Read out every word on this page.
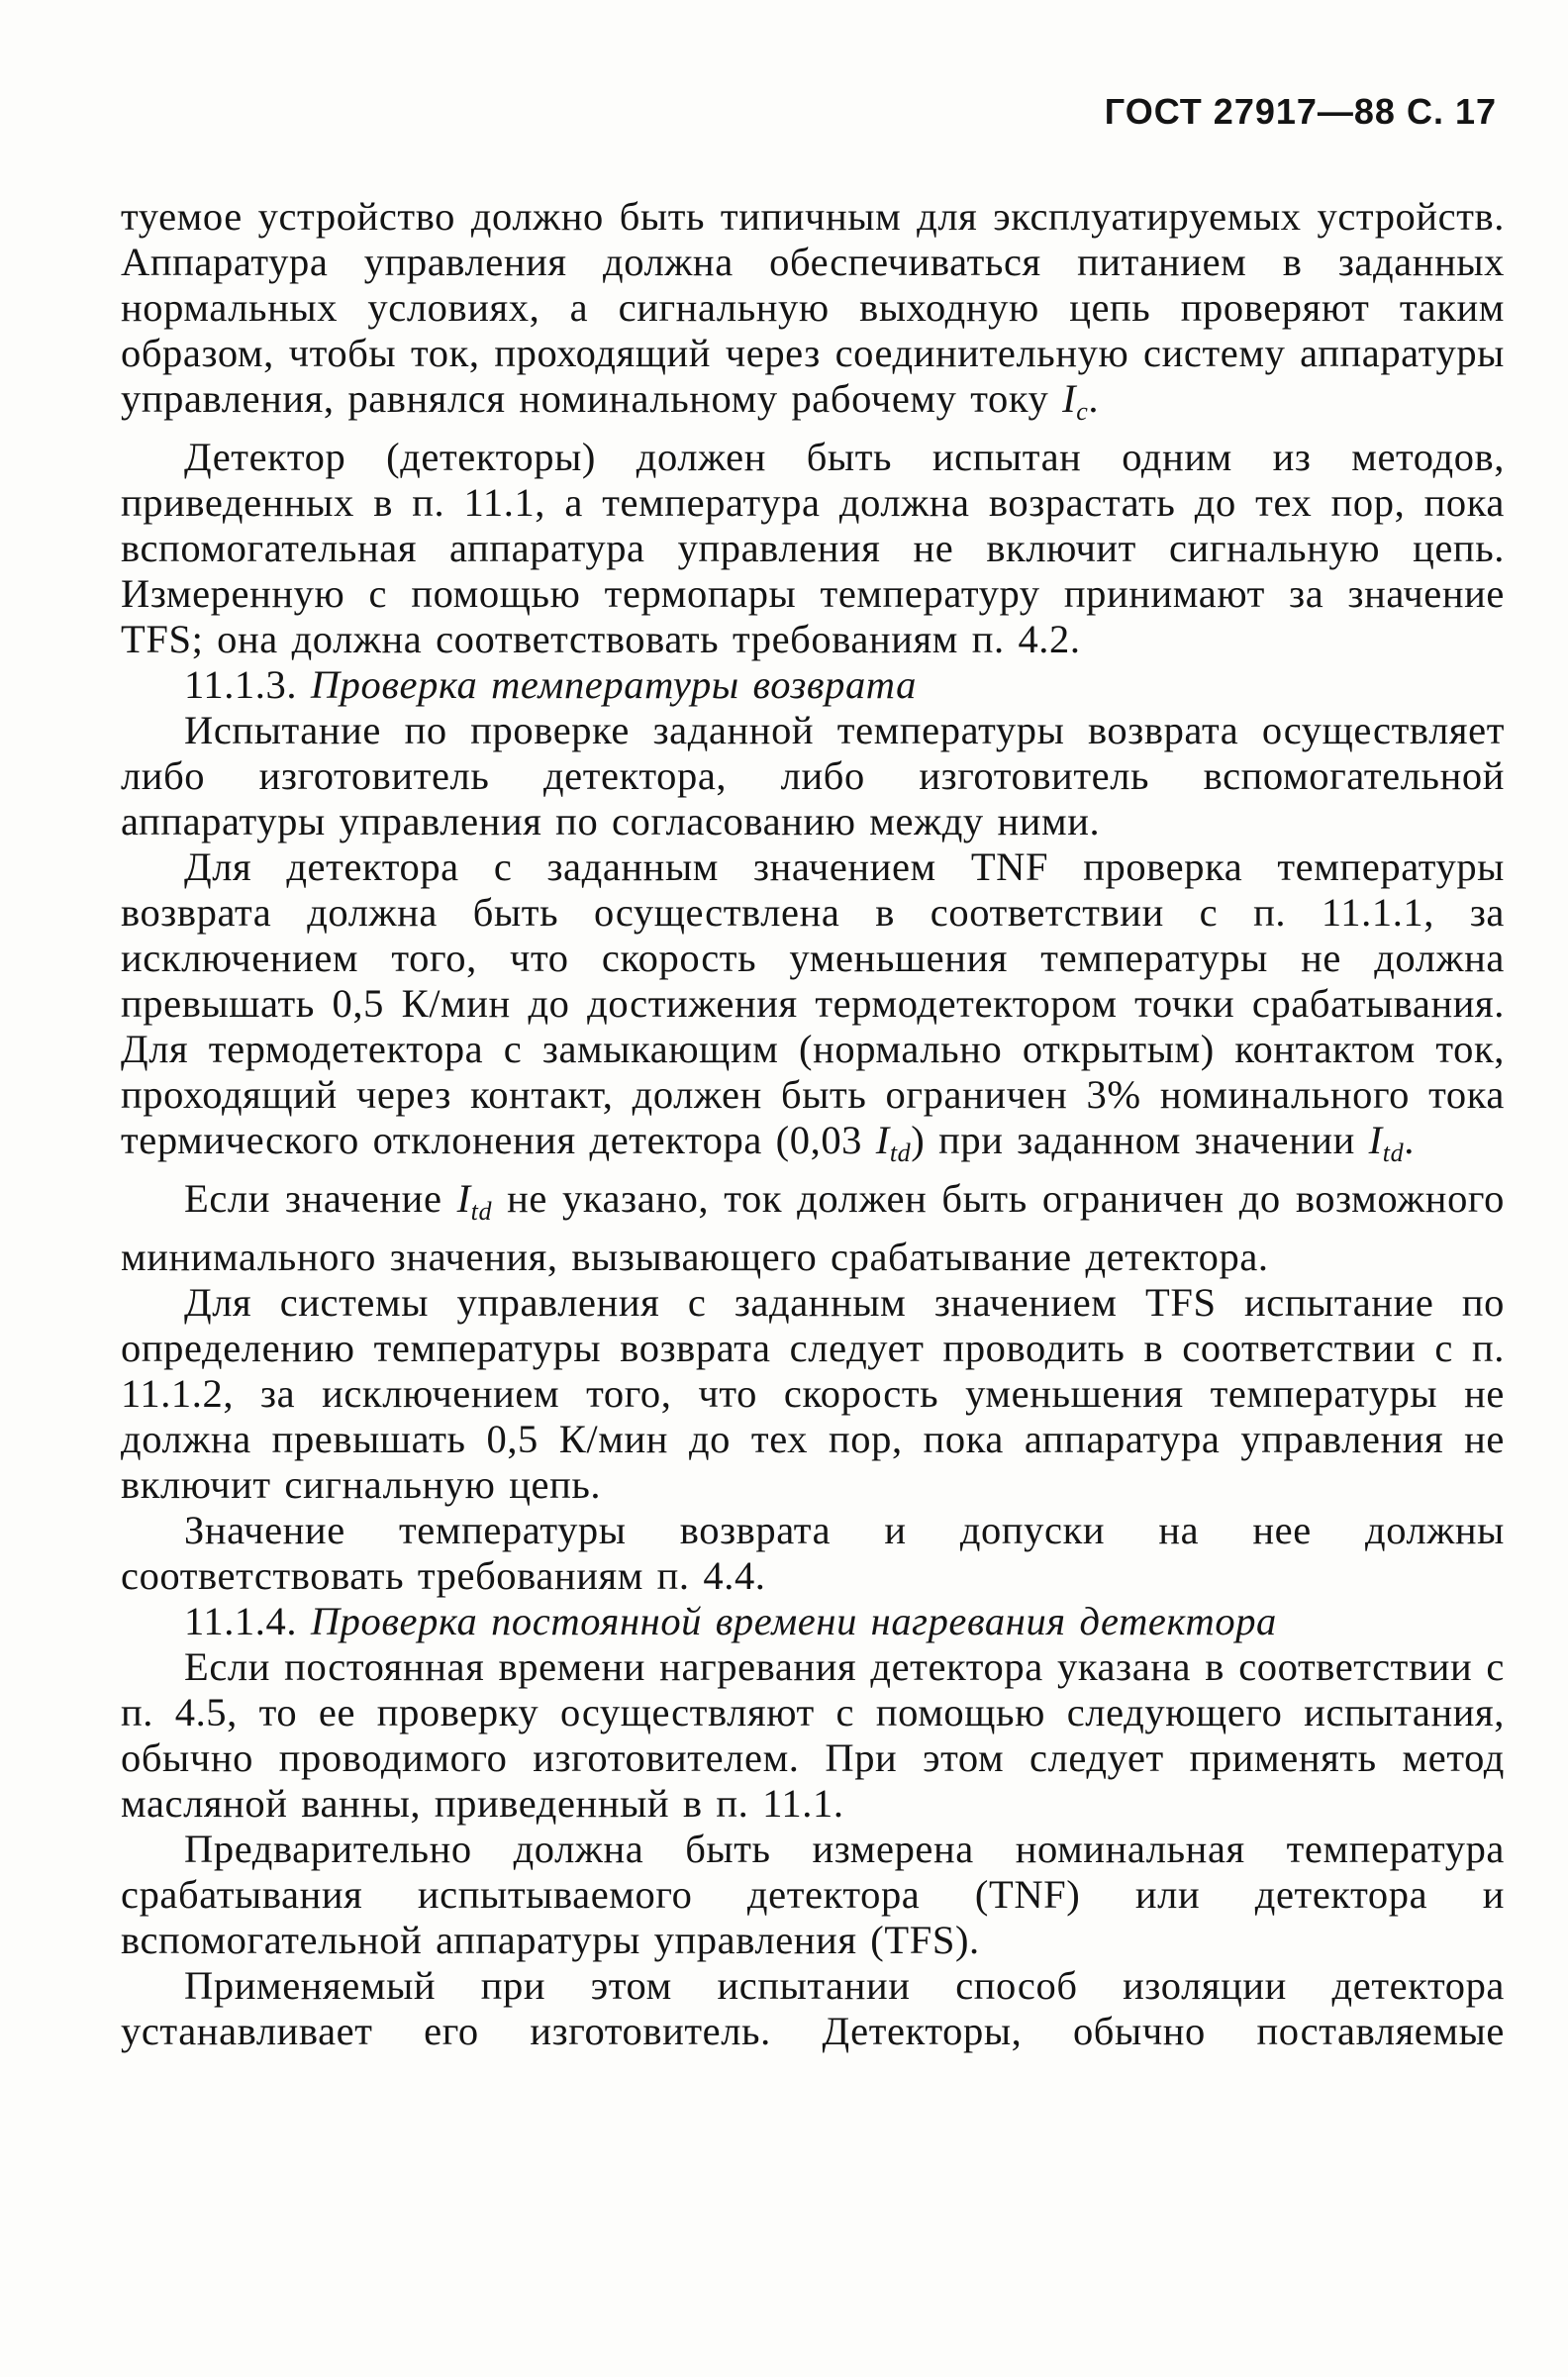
ГОСТ 27917—88 С. 17

туемое устройство должно быть типичным для эксплуатируемых устройств. Аппаратура управления должна обеспечиваться питанием в заданных нормальных условиях, а сигнальную выходную цепь проверяют таким образом, чтобы ток, проходящий через соединительную систему аппаратуры управления, равнялся номинальному рабочему току $I_c$.

Детектор (детекторы) должен быть испытан одним из методов, приведенных в п. 11.1, а температура должна возрастать до тех пор, пока вспомогательная аппаратура управления не включит сигнальную цепь. Измеренную с помощью термопары температуру принимают за значение TFS; она должна соответствовать требованиям п. 4.2.

11.1.3. Проверка температуры возврата

Испытание по проверке заданной температуры возврата осуществляет либо изготовитель детектора, либо изготовитель вспомогательной аппаратуры управления по согласованию между ними.

Для детектора с заданным значением TNF проверка температуры возврата должна быть осуществлена в соответствии с п. 11.1.1, за исключением того, что скорость уменьшения температуры не должна превышать 0,5 К/мин до достижения термодетектором точки срабатывания. Для термодетектора с замыкающим (нормально открытым) контактом ток, проходящий через контакт, должен быть ограничен 3% номинального тока термического отклонения детектора (0,03 $I_{td}$) при заданном значении $I_{td}$.

Если значение $I_{td}$ не указано, ток должен быть ограничен до возможного минимального значения, вызывающего срабатывание детектора.

Для системы управления с заданным значением TFS испытание по определению температуры возврата следует проводить в соответствии с п. 11.1.2, за исключением того, что скорость уменьшения температуры не должна превышать 0,5 К/мин до тех пор, пока аппаратура управления не включит сигнальную цепь.

Значение температуры возврата и допуски на нее должны соответствовать требованиям п. 4.4.

11.1.4. Проверка постоянной времени нагревания детектора

Если постоянная времени нагревания детектора указана в соответствии с п. 4.5, то ее проверку осуществляют с помощью следующего испытания, обычно проводимого изготовителем. При этом следует применять метод масляной ванны, приведенный в п. 11.1.

Предварительно должна быть измерена номинальная температура срабатывания испытываемого детектора (TNF) или детектора и вспомогательной аппаратуры управления (TFS).

Применяемый при этом испытании способ изоляции детектора устанавливает его изготовитель. Детекторы, обычно поставляемые
